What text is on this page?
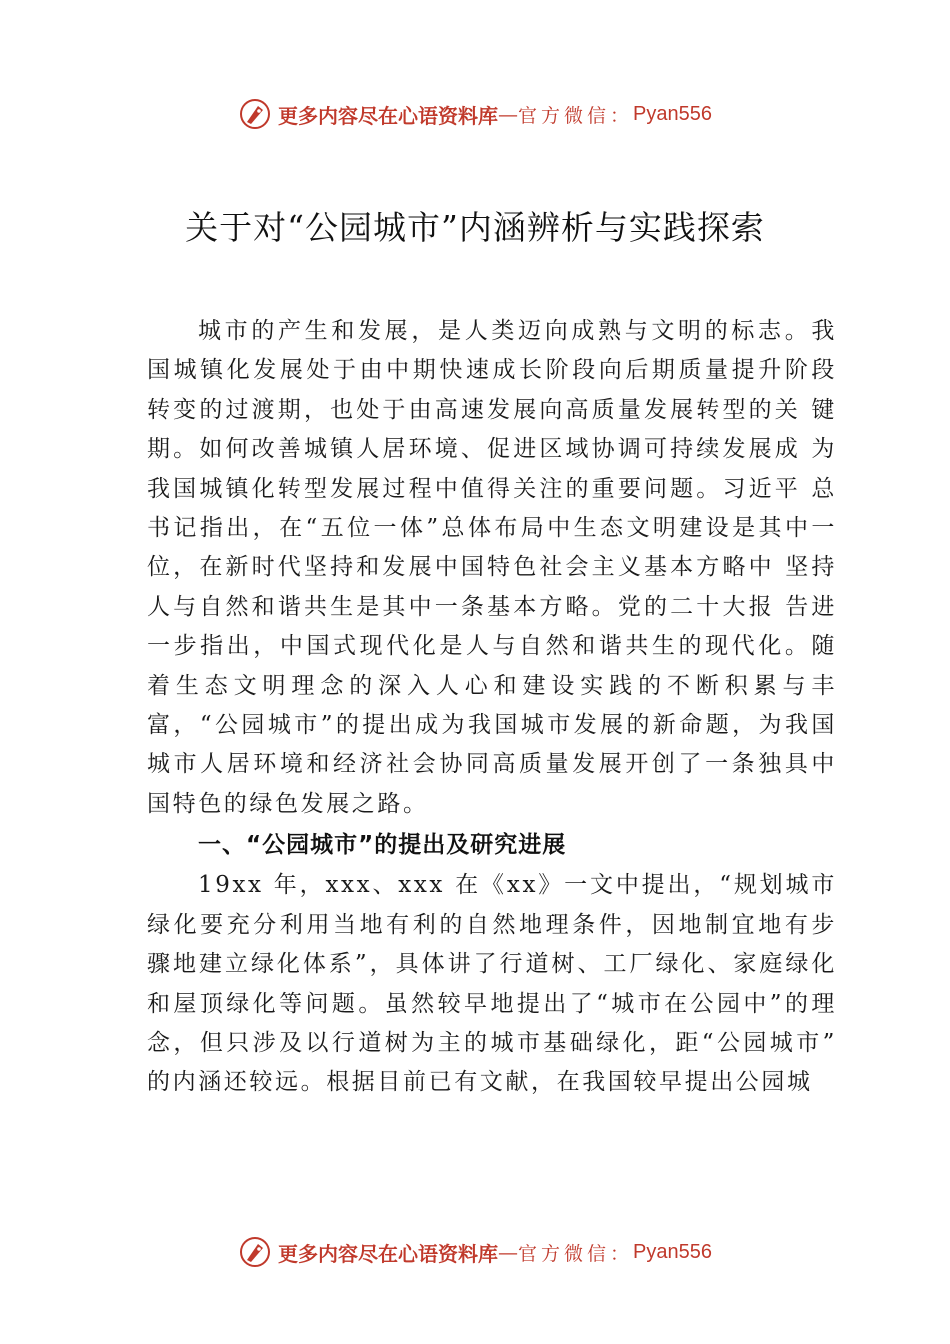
更多内容尽在心语资料库 — 官方微信： Pyan556
关于对“公园城市”内涵辨析与实践探索

城市的产生和发展，是人类迈向成熟与文明的标志。我国城镇化发展处于由中期快速成长阶段向后期质量提升阶段转变的过渡期，也处于由高速发展向高质量发展转型的关 键期。如何改善城镇人居环境、促进区域协调可持续发展成 为我国城镇化转型发展过程中值得关注的重要问题。习近平 总书记指出，在“五位一体”总体布局中生态文明建设是其中一位，在新时代坚持和发展中国特色社会主义基本方略中 坚持人与自然和谐共生是其中一条基本方略。党的二十大报 告进一步指出，中国式现代化是人与自然和谐共生的现代化。随着生态文明理念的深入人心和建设实践的不断积累与丰富，“公园城市”的提出成为我国城市发展的新命题，为我国 城市人居环境和经济社会协同高质量发展开创了一条独具中国特色的绿色发展之路。

一、“公园城市”的提出及研究进展

19xx 年，xxx、xxx 在《xx》一文中提出，“规划城市绿化要充分利用当地有利的自然地理条件，因地制宜地有步骤地建立绿化体系”，具体讲了行道树、工厂绿化、家庭绿化和屋顶绿化等问题。虽然较早地提出了“城市在公园中”的理念，但只涉及以行道树为主的城市基础绿化，距“公园城市” 的内涵还较远。根据目前已有文献，在我国较早提出公园城

更多内容尽在心语资料库 — 官方微信： Pyan556
